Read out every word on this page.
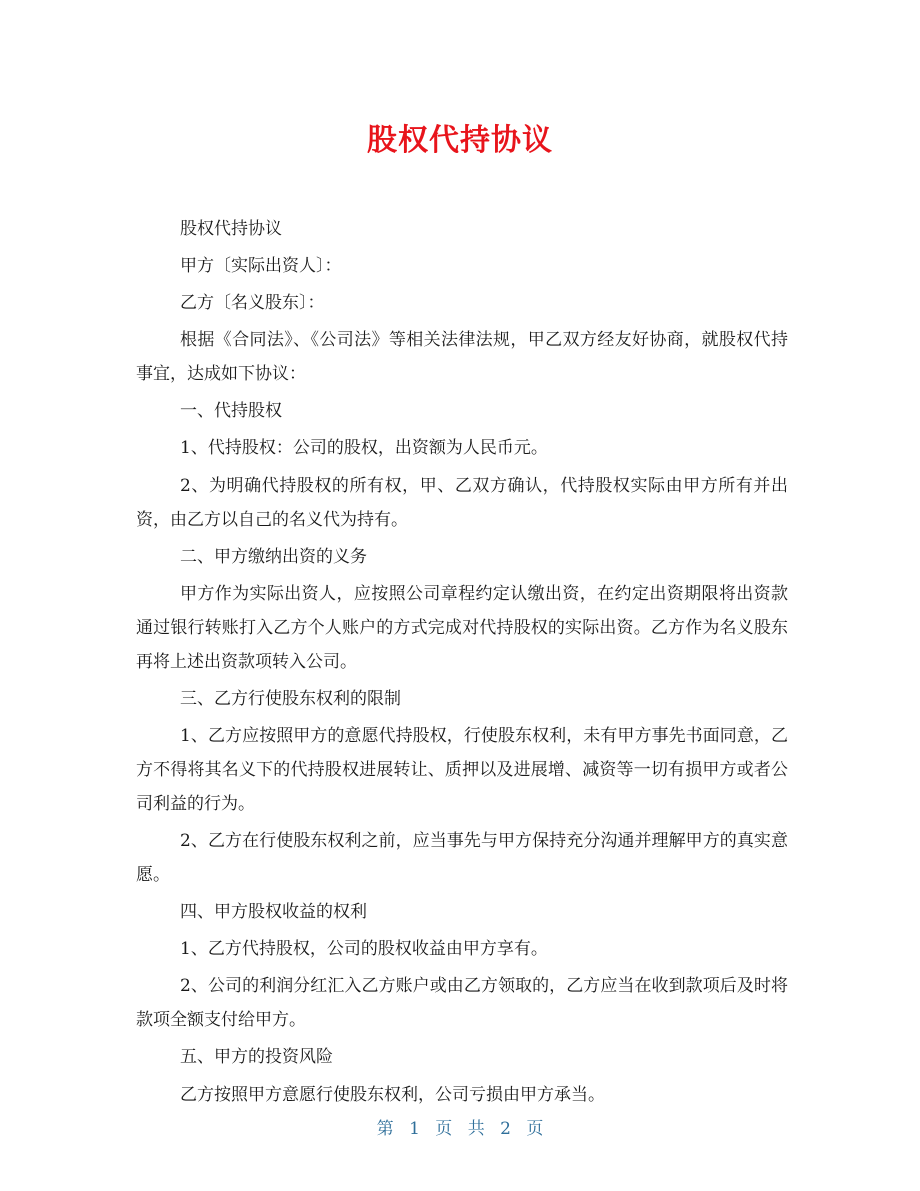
股权代持协议

股权代持协议

甲方〔实际出资人〕：

乙方〔名义股东〕：

根据《合同法》、《公司法》等相关法律法规，甲乙双方经友好协商，就股权代持事宜，达成如下协议：

一、代持股权

1、代持股权：公司的股权，出资额为人民币元。

2、为明确代持股权的所有权，甲、乙双方确认，代持股权实际由甲方所有并出资，由乙方以自己的名义代为持有。

二、甲方缴纳出资的义务

甲方作为实际出资人，应按照公司章程约定认缴出资，在约定出资期限将出资款通过银行转账打入乙方个人账户的方式完成对代持股权的实际出资。乙方作为名义股东再将上述出资款项转入公司。

三、乙方行使股东权利的限制

1、乙方应按照甲方的意愿代持股权，行使股东权利，未有甲方事先书面同意，乙方不得将其名义下的代持股权进展转让、质押以及进展增、减资等一切有损甲方或者公司利益的行为。

2、乙方在行使股东权利之前，应当事先与甲方保持充分沟通并理解甲方的真实意愿。

四、甲方股权收益的权利

1、乙方代持股权，公司的股权收益由甲方享有。

2、公司的利润分红汇入乙方账户或由乙方领取的，乙方应当在收到款项后及时将款项全额支付给甲方。

五、甲方的投资风险

乙方按照甲方意愿行使股东权利，公司亏损由甲方承当。

第 1 页 共 2 页
